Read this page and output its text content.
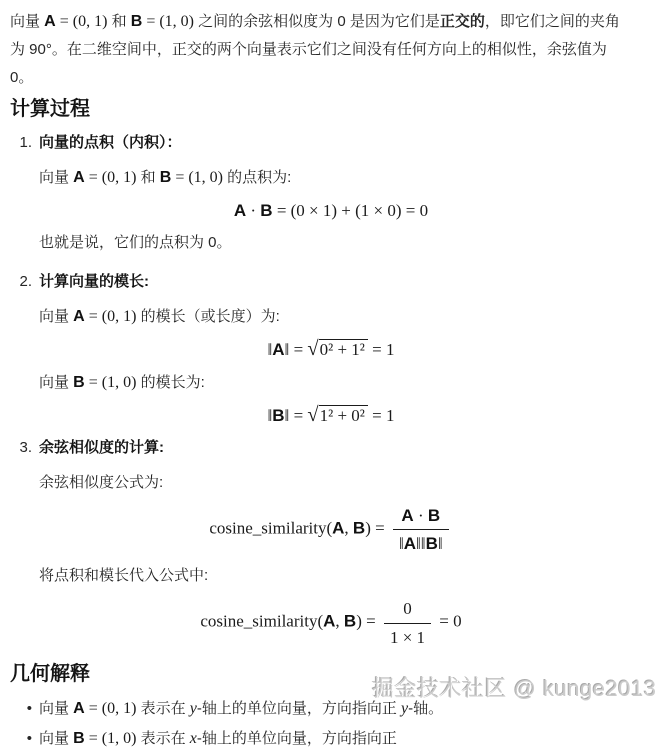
向量 A = (0, 1) 和 B = (1, 0) 之间的余弦相似度为 0 是因为它们是正交的，即它们之间的夹角为 90°。在二维空间中，正交的两个向量表示它们之间没有任何方向上的相似性，余弦值为 0。

计算过程
1. 向量的点积（内积）：

向量 A = (0, 1) 和 B = (1, 0) 的点积为:

A · B = (0 × 1) + (1 × 0) = 0

也就是说，它们的点积为 0。

2. 计算向量的模长:

向量 A = (0, 1) 的模长（或长度）为:

‖A‖ = √0² + 1² = 1

向量 B = (1, 0) 的模长为:

‖B‖ = √1² + 0² = 1
3. 余弦相似度的计算:

余弦相似度公式为:

cosine_similarity(A, $B) = \frac{A \cdot B}{‖A‖‖B‖}$

将点积和模长代入公式中:

cosine_similarity(A, $B) = \frac{0}{1 \times 1} = 0$
几何解释
• 向量 A = (0, 1) 表示在 y-轴上的单位向量，方向指向正 y-轴。
• 向量 B = (1, 0) 表示在 x-轴上的单位向量，方向指向正
掘金技术社区 @ kunge2013
